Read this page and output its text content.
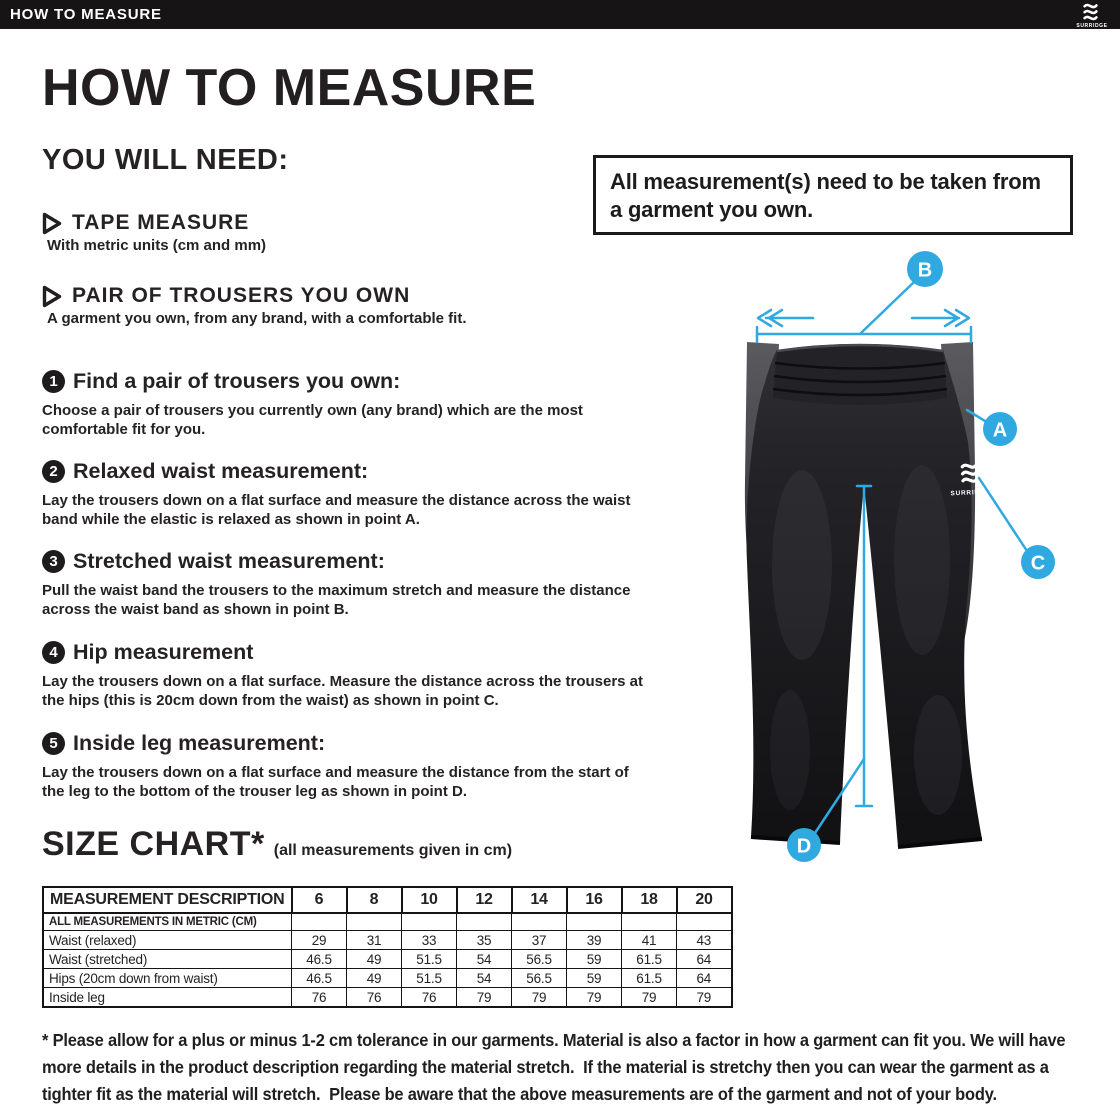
HOW TO MEASURE
SURRIDGE
HOW TO MEASURE

All measurement(s) need to be taken from a garment you own.

YOU WILL NEED:
TAPE MEASURE
With metric units (cm and mm)
PAIR OF TROUSERS YOU OWN
A garment you own, from any brand, with a comfortable fit.
1 Find a pair of trousers you own:
Choose a pair of trousers you currently own (any brand) which are the most comfortable fit for you.
2 Relaxed waist measurement:
Lay the trousers down on a flat surface and measure the distance across the waist band while the elastic is relaxed as shown in point A.
3 Stretched waist measurement:
Pull the waist band the trousers to the maximum stretch and measure the distance across the waist band as shown in point B.
4 Hip measurement
Lay the trousers down on a flat surface. Measure the distance across the trousers at the hips (this is 20cm down from the waist) as shown in point C.
5 Inside leg measurement:
Lay the trousers down on a flat surface and measure the distance from the start of the leg to the bottom of the trouser leg as shown in point D.
SURRIDGE
A
B
C
D
SIZE CHART* (all measurements given in cm)
MEASUREMENT DESCRIPTION	6	8	10	12	14	16	18	20
ALL MEASUREMENTS IN METRIC (CM)								
Waist (relaxed)	29	31	33	35	37	39	41	43
Waist (stretched)	46.5	49	51.5	54	56.5	59	61.5	64
Hips (20cm down from waist)	46.5	49	51.5	54	56.5	59	61.5	64
Inside leg	76	76	76	79	79	79	79	79
* Please allow for a plus or minus 1-2 cm tolerance in our garments. Material is also a factor in how a garment can fit you. We will have more details in the product description regarding the material stretch.  If the material is stretchy then you can wear the garment as a tighter fit as the material will stretch.  Please be aware that the above measurements are of the garment and not of your body.
